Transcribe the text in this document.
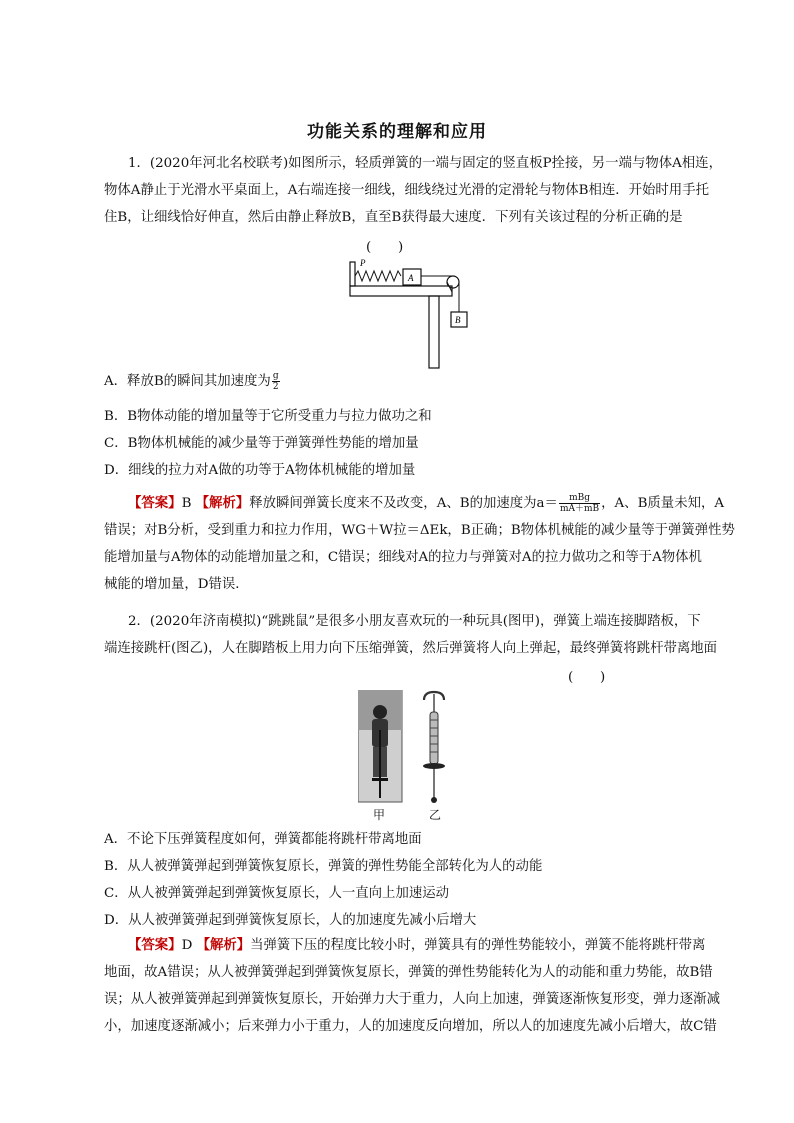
功能关系的理解和应用
1．(2020年河北名校联考)如图所示，轻质弹簧的一端与固定的竖直板P拴接，另一端与物体A相连，
物体A静止于光滑水平桌面上，A右端连接一细线，细线绕过光滑的定滑轮与物体B相连．开始时用手托
住B，让细线恰好伸直，然后由静止释放B，直至B获得最大速度．下列有关该过程的分析正确的是
(　　)
P
A
B
A．释放B的瞬间其加速度为 $\frac{g}{2}$
B．B物体动能的增加量等于它所受重力与拉力做功之和
C．B物体机械能的减少量等于弹簧弹性势能的增加量
D．细线的拉力对A做的功等于A物体机械能的增加量
【答案】B 【解析】释放瞬间弹簧长度来不及改变，A、B的加速度为$a= \frac{\text{mBg}}{mA+mB}$ ，A、B质量未知，A
错误；对B分析，受到重力和拉力作用，WG＋W拉＝ΔEk，B正确；B物体机械能的减少量等于弹簧弹性势
能增加量与A物体的动能增加量之和，C错误；细线对A的拉力与弹簧对A的拉力做功之和等于A物体机
械能的增加量，D错误．
2．(2020年济南模拟)“跳跳鼠”是很多小朋友喜欢玩的一种玩具(图甲)，弹簧上端连接脚踏板，下
端连接跳杆(图乙)，人在脚踏板上用力向下压缩弹簧，然后弹簧将人向上弹起，最终弹簧将跳杆带离地面
(　　)
甲	乙
A．不论下压弹簧程度如何，弹簧都能将跳杆带离地面
B．从人被弹簧弹起到弹簧恢复原长，弹簧的弹性势能全部转化为人的动能
C．从人被弹簧弹起到弹簧恢复原长，人一直向上加速运动
D．从人被弹簧弹起到弹簧恢复原长，人的加速度先减小后增大
【答案】D 【解析】当弹簧下压的程度比较小时，弹簧具有的弹性势能较小，弹簧不能将跳杆带离
地面，故A错误；从人被弹簧弹起到弹簧恢复原长，弹簧的弹性势能转化为人的动能和重力势能，故B错
误；从人被弹簧弹起到弹簧恢复原长，开始弹力大于重力，人向上加速，弹簧逐渐恢复形变，弹力逐渐减
小，加速度逐渐减小；后来弹力小于重力，人的加速度反向增加，所以人的加速度先减小后增大，故C错
